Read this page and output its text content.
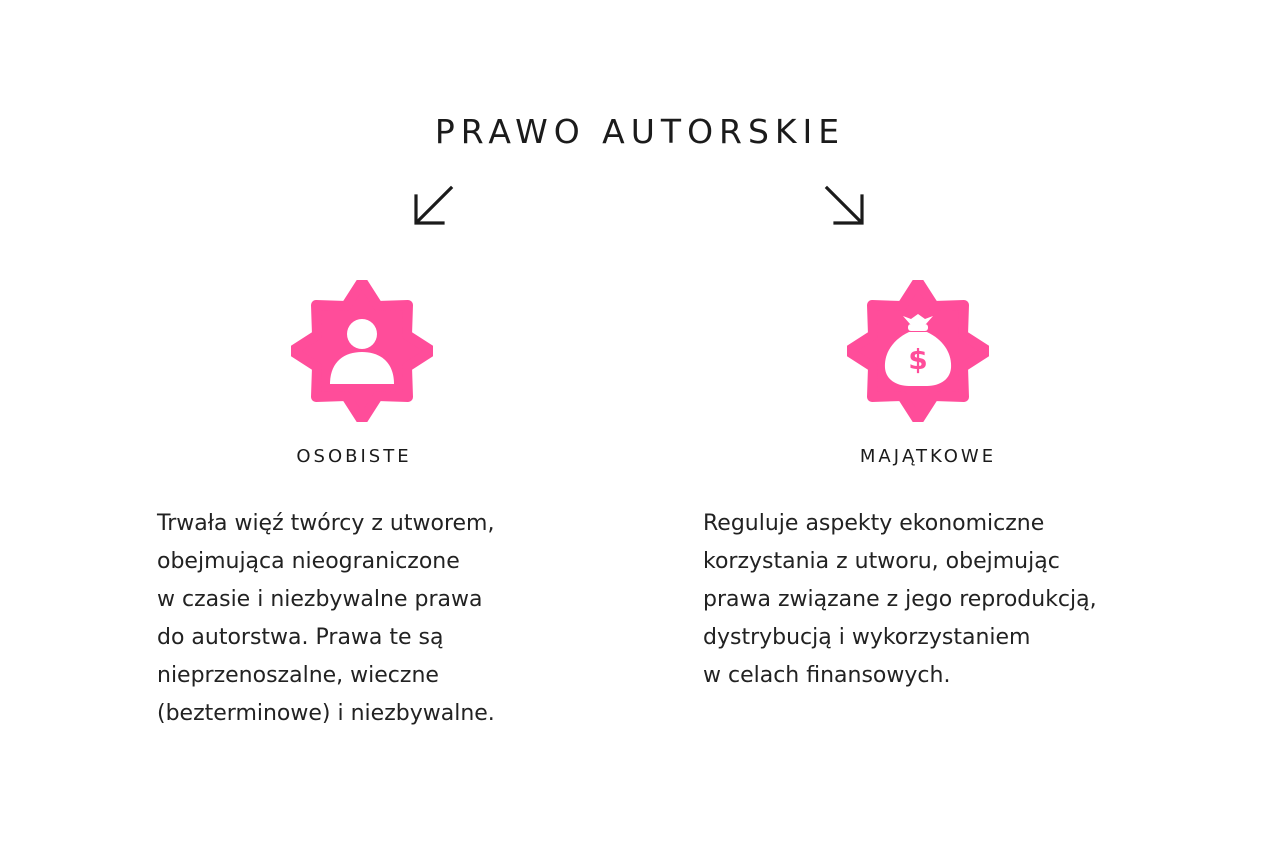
PRAWO AUTORSKIE
$
OSOBISTE	MAJĄTKOWE
Trwała więź twórcy z utworem,
obejmująca nieograniczone
w czasie i niezbywalne prawa
do autorstwa. Prawa te są
nieprzenoszalne, wieczne
(bezterminowe) i niezbywalne.
Reguluje aspekty ekonomiczne
korzystania z utworu, obejmując
prawa związane z jego reprodukcją,
dystrybucją i wykorzystaniem
w celach finansowych.
